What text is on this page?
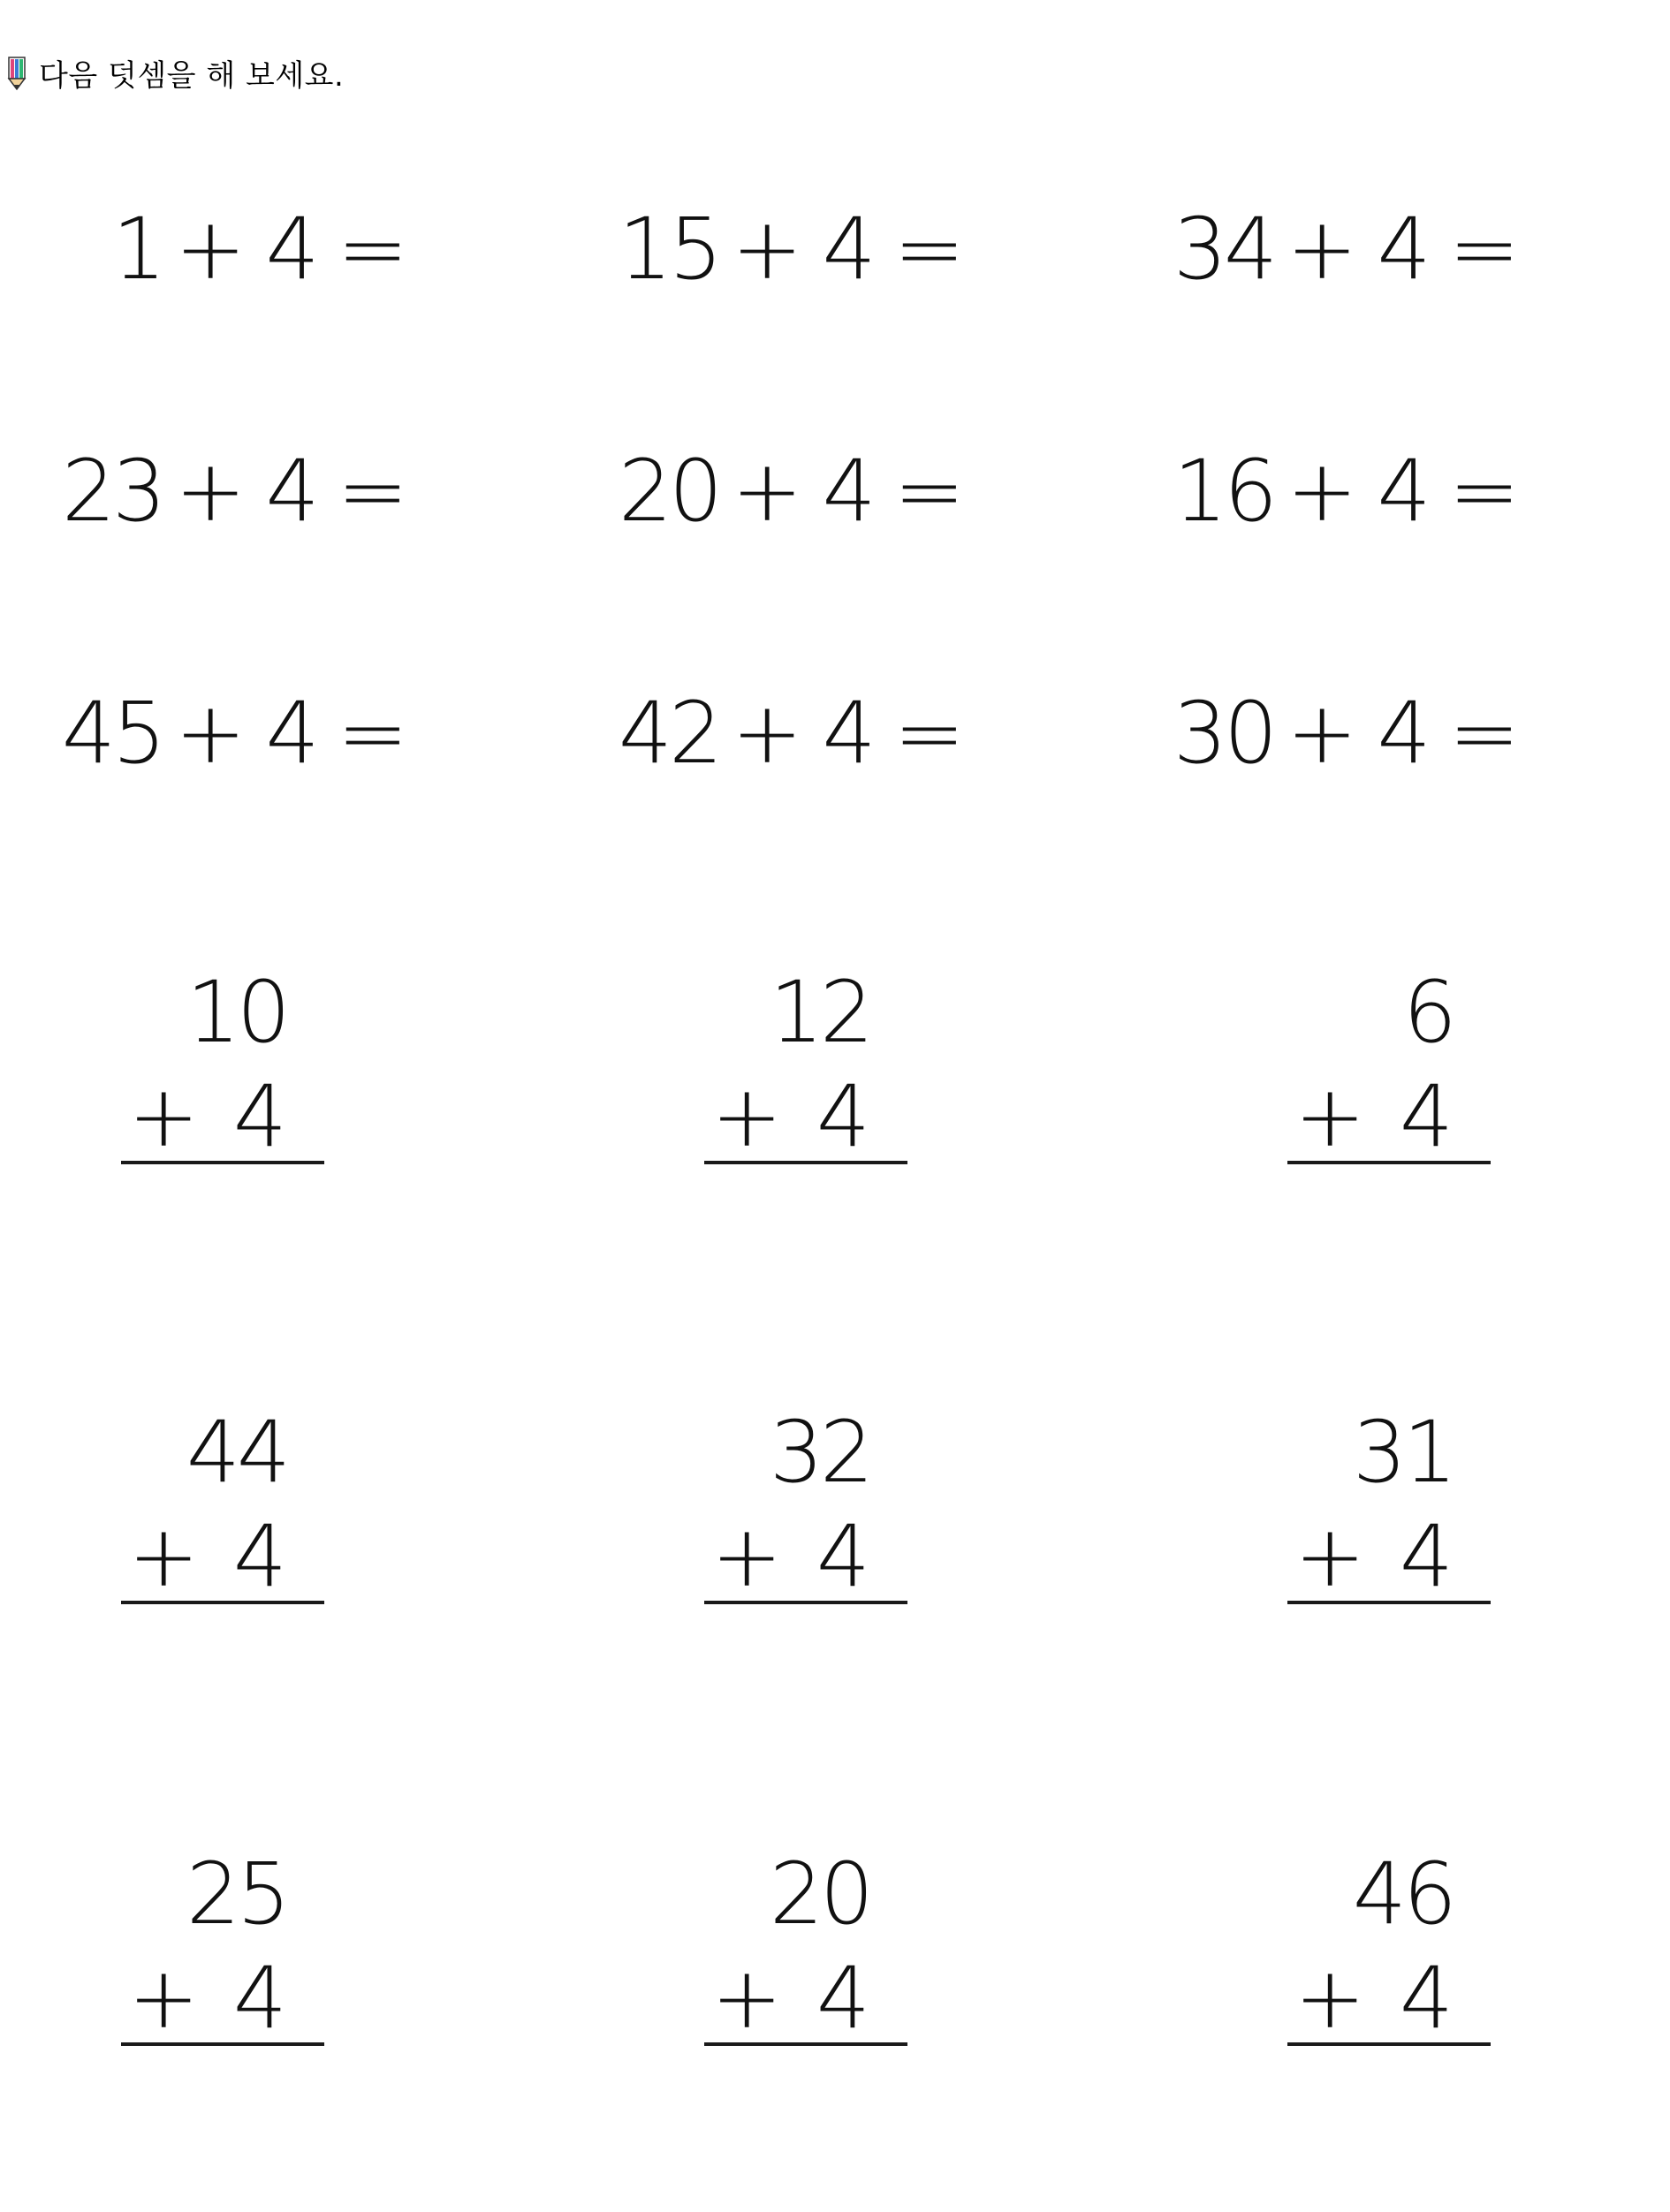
다음 덧셈을 해 보세요.
1 + 4 = 15 + 4 = 34 + 4 =
23 + 4 = 20 + 4 = 16 + 4 =
45 + 4 = 42 + 4 = 30 + 4 =
10
+ 4
12
+ 4
6
+ 4
44
+ 4
32
+ 4
31
+ 4
25
+ 4
20
+ 4
46
+ 4
